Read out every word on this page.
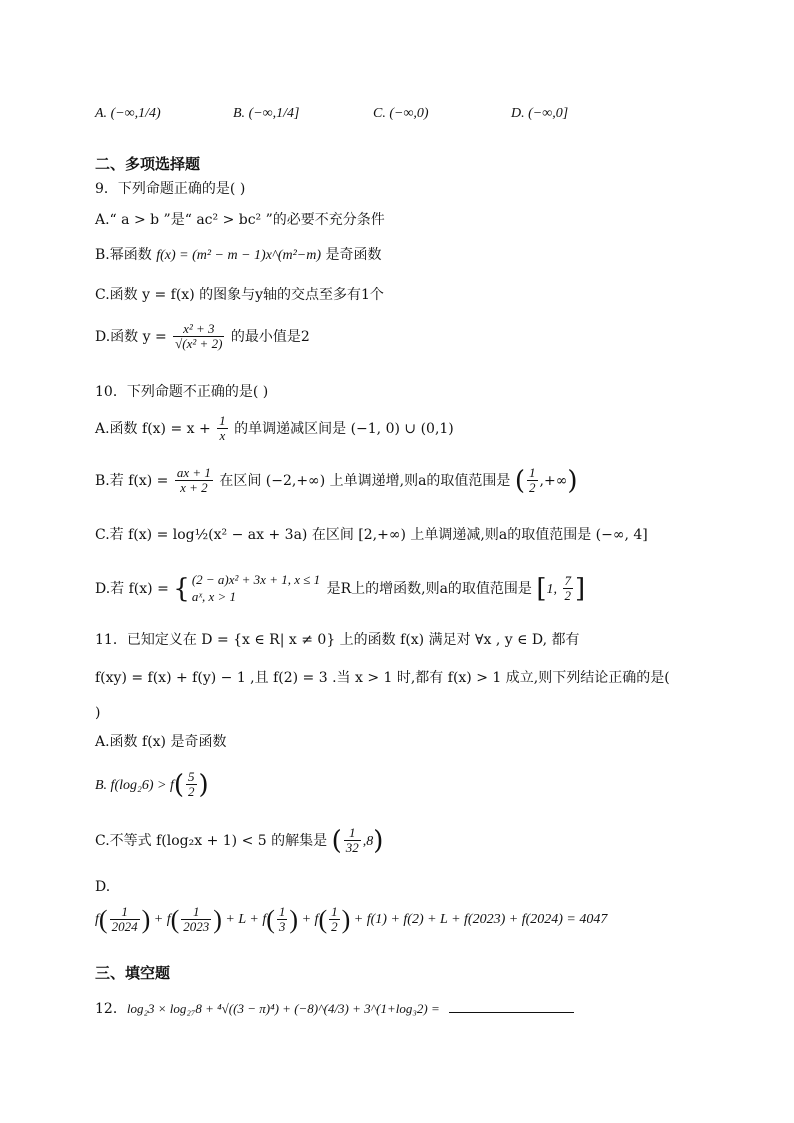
A. (−∞,1/4)	B. (−∞,1/4]	C. (−∞,0)	D. (−∞,0]
二、多项选择题
9．下列命题正确的是( )
A.“ a > b ”是“ ac² > bc² ”的必要不充分条件
B.幂函数 f(x) = (m² − m − 1)x^(m²−m) 是奇函数
C.函数 y = f(x) 的图象与y轴的交点至多有1个
D.函数 $y = \frac{\text{x² + 3}}{\text{√(x² + 2)}}$ 的最小值是2
10．下列命题不正确的是( )
A.函数 $f(x) = x + \frac{1}{x}$ 的单调递减区间是 (−1, 0) ∪ (0,1)
B.若 $f(x) = \frac{ax + 1}{x + 2}$ 在区间 (−2,+∞) 上单调递增,则a的取值范围是 ( $\frac{1}{2}$ ,+∞)
C.若 f(x) = log½(x² − ax + 3a) 在区间 [2,+∞) 上单调递减,则a的取值范围是 (−∞, 4]
D.若 f(x) = { (2 − a)x² + 3x + 1, x ≤ 1
aˣ, x > 1	是R上的增函数,则a的取值范围是 [1, $\frac{7}{2}$ ]
11．已知定义在 D = {x ∈ R| x ≠ 0} 上的函数 f(x) 满足对 ∀x , y ∈ D, 都有
f(xy) = f(x) + f(y) − 1 ,且 f(2) = 3 .当 x > 1 时,都有 f(x) > 1 成立,则下列结论正确的是(
)
A.函数 f(x) 是奇函数
B. $f(\log_26) > f( \frac{5}{2}$ )
C.不等式 f(log₂x + 1) < 5 的解集是 ( $\frac{1}{32} ,8$)
D.
$f( \frac{1}{2024}$ ) + $f( \frac{1}{2023}$ ) + $L + f( \frac{1}{3}$ ) + $f( \frac{1}{2}$ ) + f(1) + f(2) + L + f(2023) + f(2024) = 4047
三、填空题
12．log₂3 × log₂₇8 + ⁴√((3 − π)⁴) + (−8)^(4/3) + 3^(1+log₃2) =
